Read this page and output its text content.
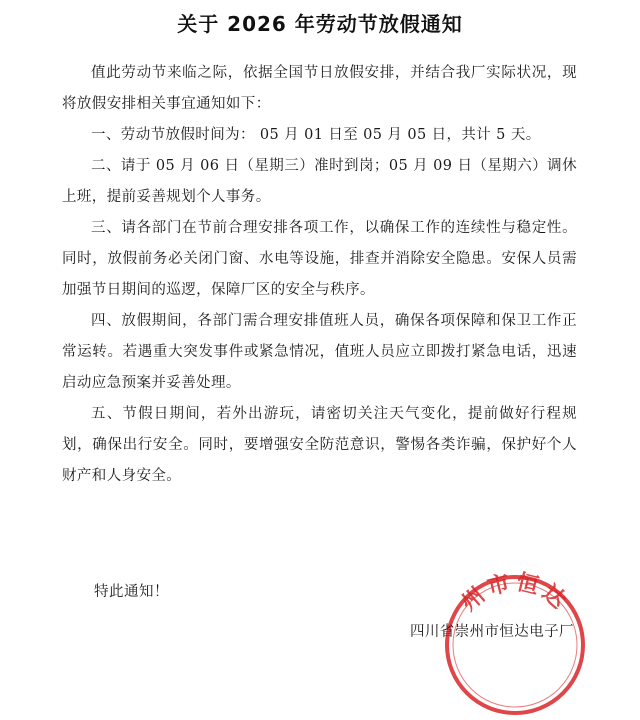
关于 2026 年劳动节放假通知

值此劳动节来临之际，依据全国节日放假安排，并结合我厂实际状况，现将放假安排相关事宜通知如下：

一、劳动节放假时间为： 05 月 01 日至 05 月 05 日，共计 5 天。

二、请于 05 月 06 日（星期三）准时到岗；05 月 09 日（星期六）调休上班，提前妥善规划个人事务。

三、请各部门在节前合理安排各项工作，以确保工作的连续性与稳定性。同时，放假前务必关闭门窗、水电等设施，排查并消除安全隐患。安保人员需加强节日期间的巡逻，保障厂区的安全与秩序。

四、放假期间，各部门需合理安排值班人员，确保各项保障和保卫工作正常运转。若遇重大突发事件或紧急情况，值班人员应立即拨打紧急电话，迅速启动应急预案并妥善处理。

五、节假日期间，若外出游玩，请密切关注天气变化，提前做好行程规划，确保出行安全。同时，要增强安全防范意识，警惕各类诈骗，保护好个人财产和人身安全。

特此通知！	州市恒达
四川省崇州市恒达电子厂
